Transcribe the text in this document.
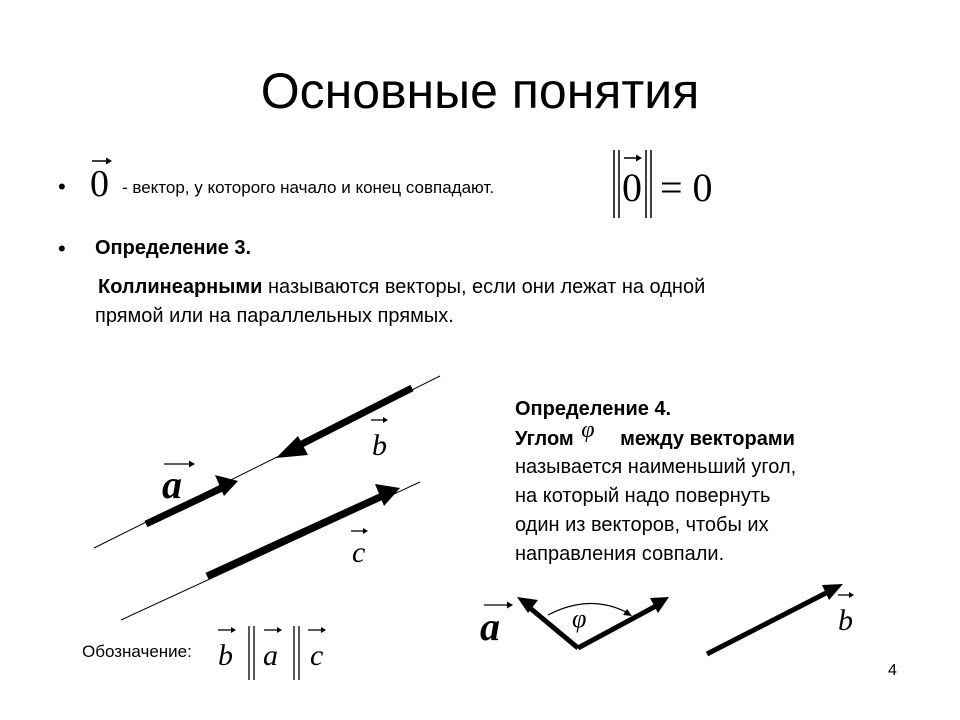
Основные понятия
• 0 - вектор, у которого начало и конец совпадают.	0 = 0
• Определение 3.
Коллинеарными называются векторы, если они лежат на одной
прямой или на параллельных прямых.
b
a
c
Обозначение: b a c
Определение 4.
Углом φ между векторами
называется наименьший угол,
на который надо повернуть
один из векторов, чтобы их
направления совпали.
φ
a	b
4
